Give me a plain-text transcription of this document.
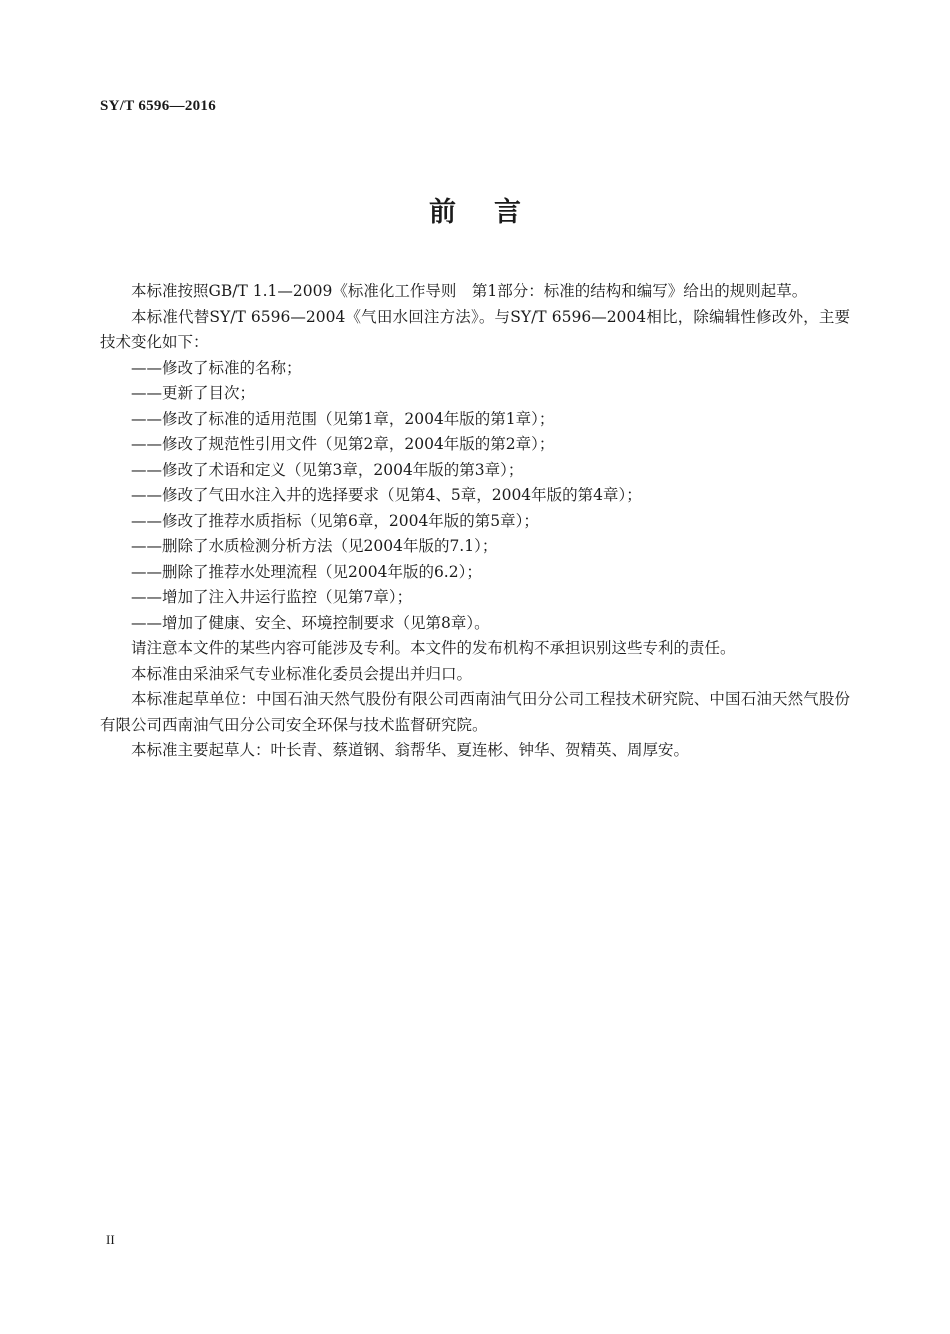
SY/T 6596—2016
前言

本标准按照GB/T 1.1—2009《标准化工作导则　第1部分：标准的结构和编写》给出的规则起草。

本标准代替SY/T 6596—2004《气田水回注方法》。与SY/T 6596—2004相比，除编辑性修改外，主要技术变化如下：

——修改了标准的名称；

——更新了目次；

——修改了标准的适用范围（见第1章，2004年版的第1章）；

——修改了规范性引用文件（见第2章，2004年版的第2章）；

——修改了术语和定义（见第3章，2004年版的第3章）；

——修改了气田水注入井的选择要求（见第4、5章，2004年版的第4章）；

——修改了推荐水质指标（见第6章，2004年版的第5章）；

——删除了水质检测分析方法（见2004年版的7.1）；

——删除了推荐水处理流程（见2004年版的6.2）；

——增加了注入井运行监控（见第7章）；

——增加了健康、安全、环境控制要求（见第8章）。

请注意本文件的某些内容可能涉及专利。本文件的发布机构不承担识别这些专利的责任。

本标准由采油采气专业标准化委员会提出并归口。

本标准起草单位：中国石油天然气股份有限公司西南油气田分公司工程技术研究院、中国石油天然气股份有限公司西南油气田分公司安全环保与技术监督研究院。

本标准主要起草人：叶长青、蔡道钢、翁帮华、夏连彬、钟华、贺精英、周厚安。

II
